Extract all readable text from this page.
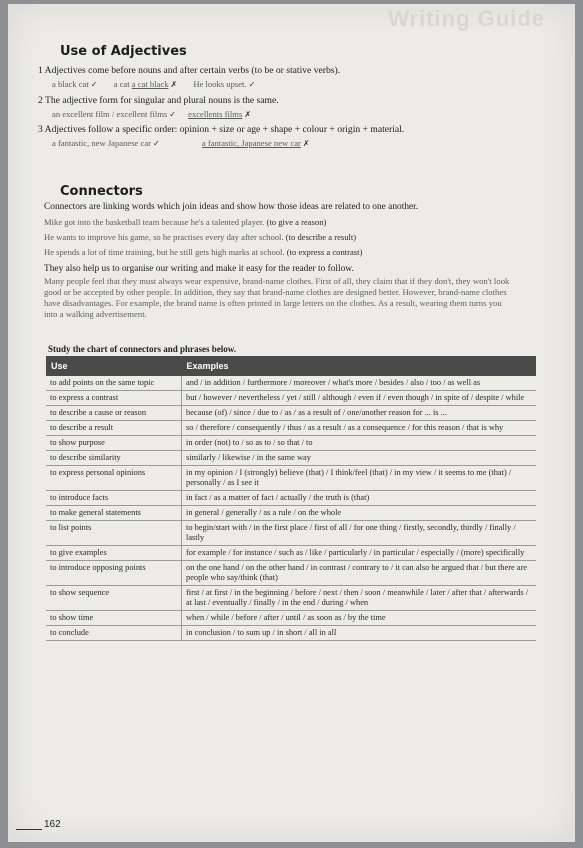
Writing Guide
Use of Adjectives
1 Adjectives come before nouns and after certain verbs (to be or stative verbs).
a black cat ✓ a cat a cat black ✗ He looks upset. ✓
2 The adjective form for singular and plural nouns is the same.
an excellent film / excellent films ✓ excellents films ✗
3 Adjectives follow a specific order: opinion + size or age + shape + colour + origin + material.
a fantastic, new Japanese car ✓	a fantastic, Japanese new car ✗
Connectors
Connectors are linking words which join ideas and show how those ideas are related to one another.
Mike got into the basketball team because he's a talented player. (to give a reason)
He wants to improve his game, so he practises every day after school. (to describe a result)
He spends a lot of time training, but he still gets high marks at school. (to express a contrast)
They also help us to organise our writing and make it easy for the reader to follow.
Many people feel that they must always wear expensive, brand-name clothes. First of all, they claim that if they don't, they won't look good or be accepted by other people. In addition, they say that brand-name clothes are designed better. However, brand-name clothes have disadvantages. For example, the brand name is often printed in large letters on the clothes. As a result, wearing them turns you into a walking advertisement.
Study the chart of connectors and phrases below.
Use	Examples
to add points on the same topic	and / in addition / furthermore / moreover / what's more / besides / also / too / as well as
to express a contrast	but / however / nevertheless / yet / still / although / even if / even though / in spite of / despite / while
to describe a cause or reason	because (of) / since / due to / as / as a result of / one/another reason for ... is ...
to describe a result	so / therefore / consequently / thus / as a result / as a consequence / for this reason / that is why
to show purpose	in order (not) to / so as to / so that / to
to describe similarity	similarly / likewise / in the same way
to express personal opinions	in my opinion / I (strongly) believe (that) / I think/feel (that) / in my view / it seems to me (that) / personally / as I see it
to introduce facts	in fact / as a matter of fact / actually / the truth is (that)
to make general statements	in general / generally / as a rule / on the whole
to list points	to begin/start with / in the first place / first of all / for one thing / firstly, secondly, thirdly / finally / lastly
to give examples	for example / for instance / such as / like / particularly / in particular / especially / (more) specifically
to introduce opposing points	on the one hand / on the other hand / in contrast / contrary to / it can also be argued that / but there are people who say/think (that)
to show sequence	first / at first / in the beginning / before / next / then / soon / meanwhile / later / after that / afterwards / at last / eventually / finally / in the end / during / when
to show time	when / while / before / after / until / as soon as / by the time
to conclude	in conclusion / to sum up / in short / all in all
162
